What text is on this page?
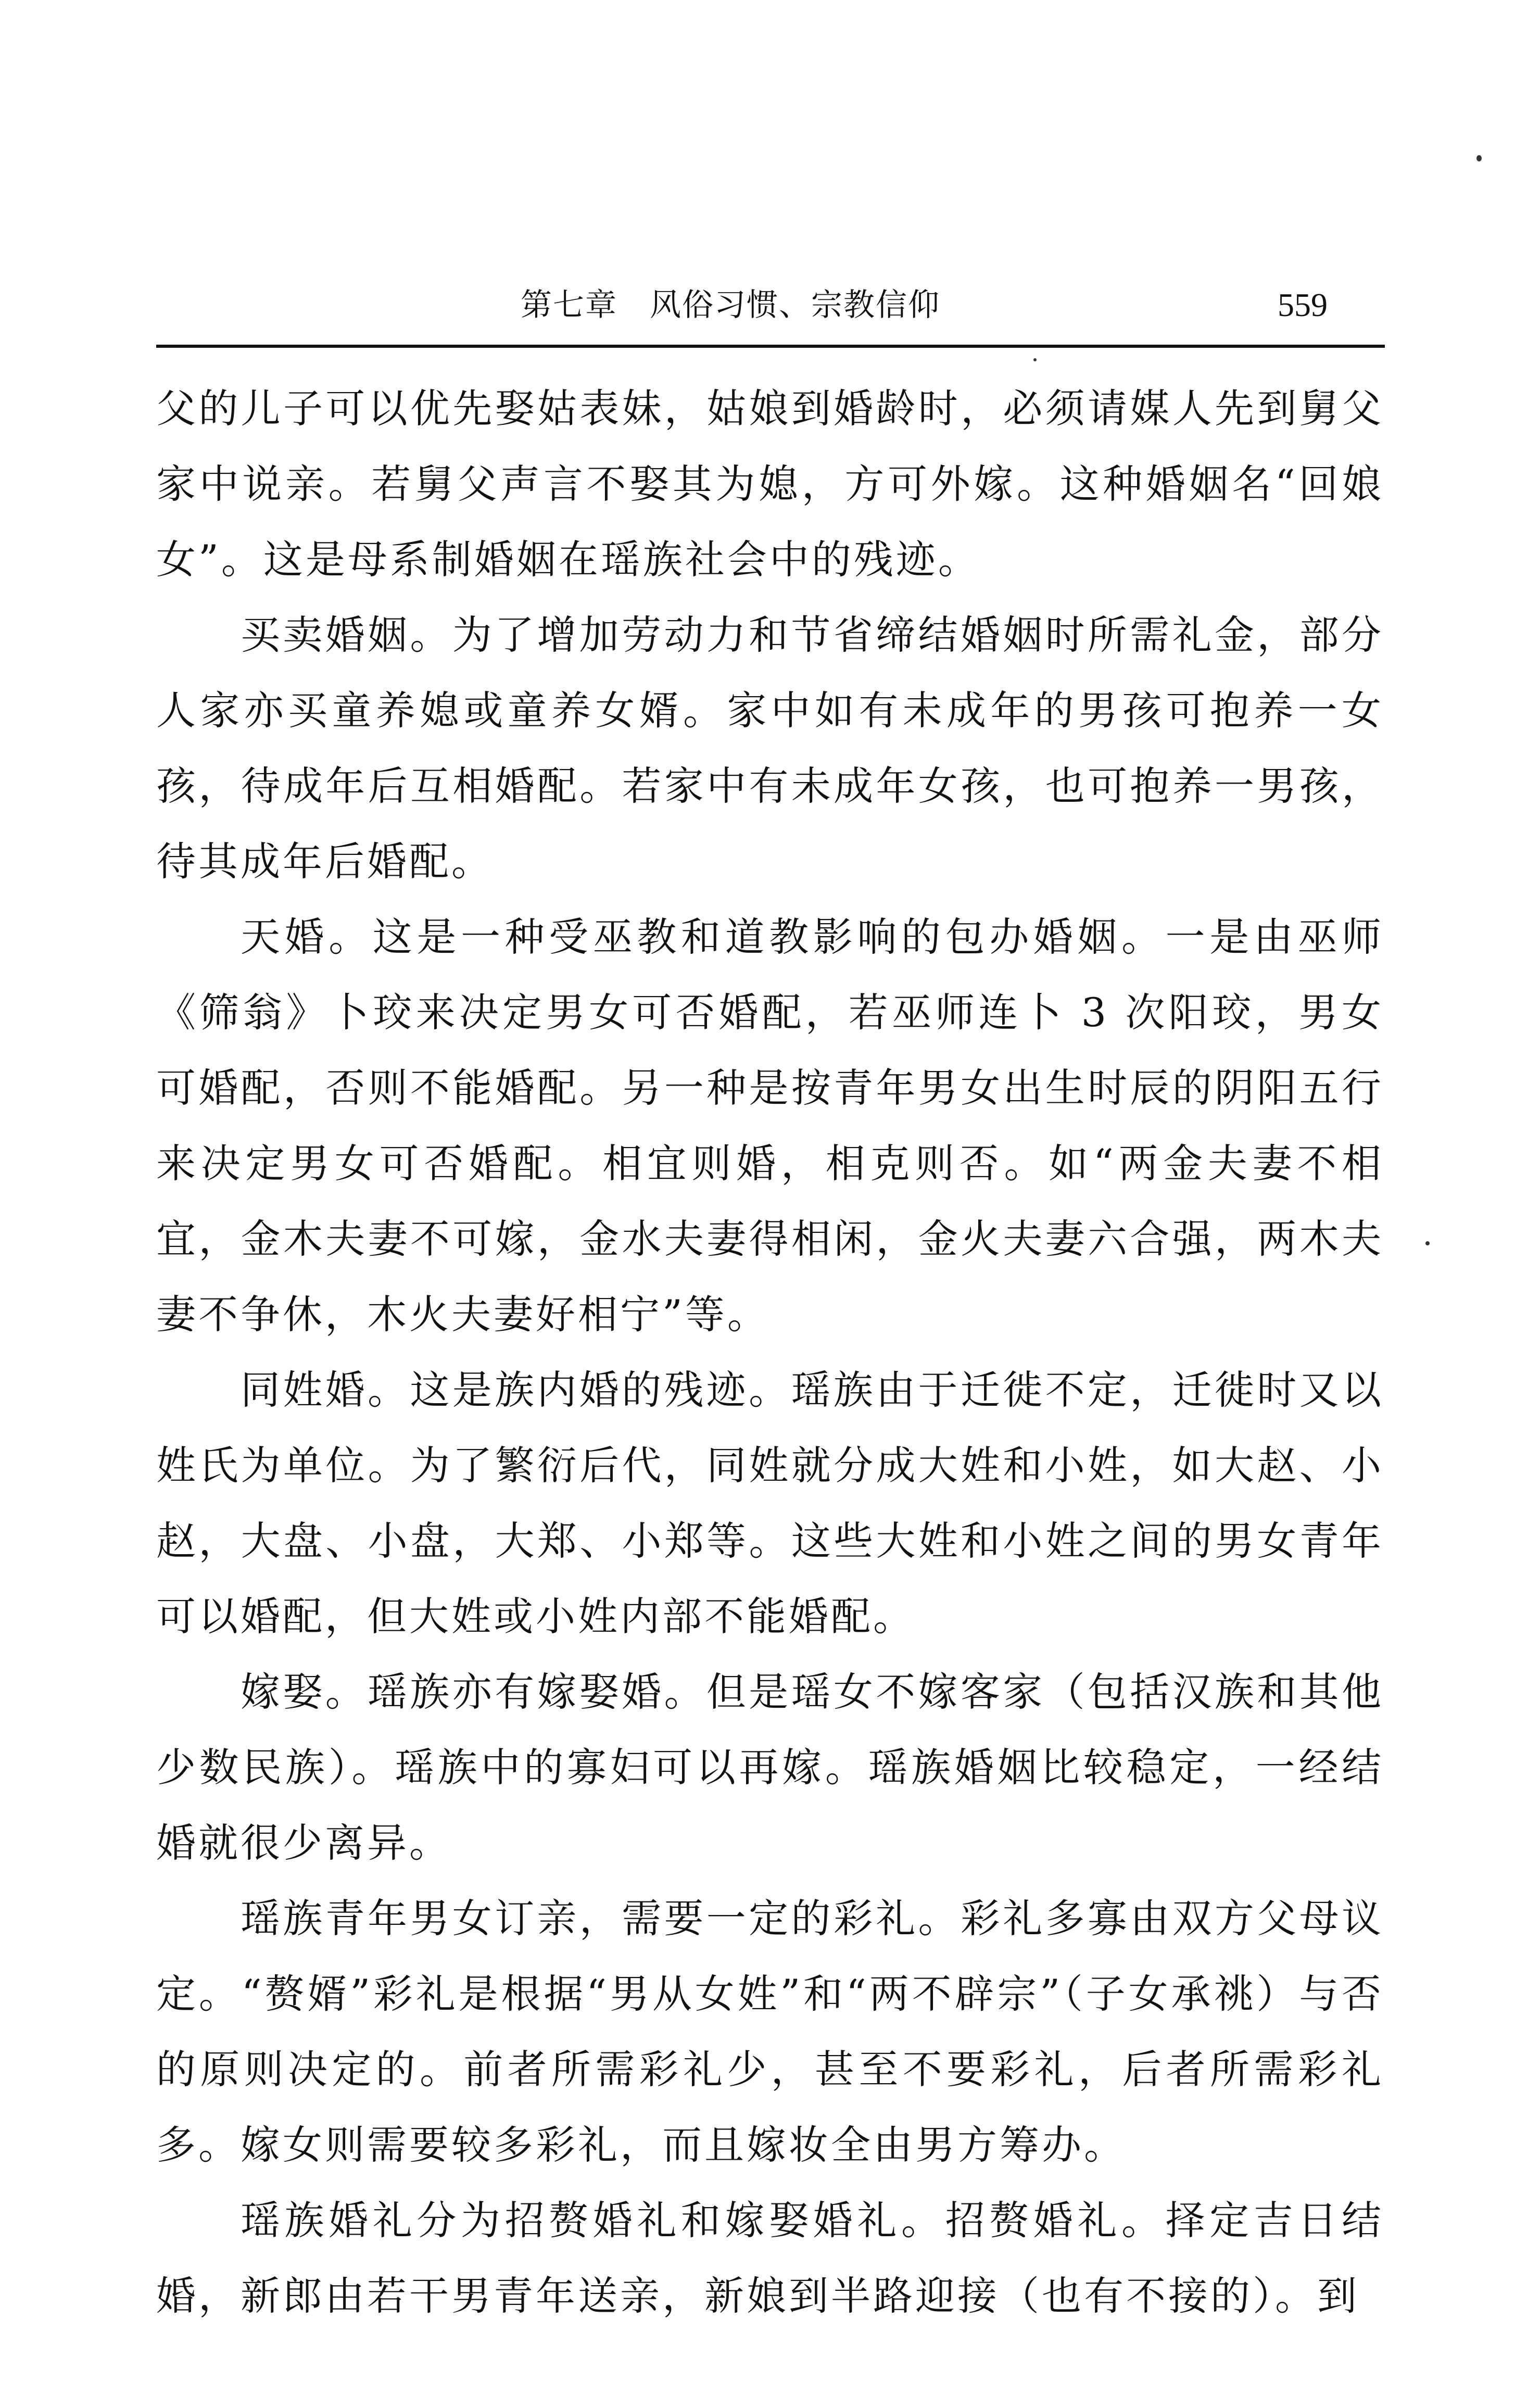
第七章　风俗习惯、宗教信仰	559

父的儿子可以优先娶姑表妹，姑娘到婚龄时，必须请媒人先到舅父家中说亲。若舅父声言不娶其为媳，方可外嫁。这种婚姻名“回娘女”。这是母系制婚姻在瑶族社会中的残迹。

买卖婚姻。为了增加劳动力和节省缔结婚姻时所需礼金，部分人家亦买童养媳或童养女婿。家中如有未成年的男孩可抱养一女孩，待成年后互相婚配。若家中有未成年女孩，也可抱养一男孩，待其成年后婚配。

天婚。这是一种受巫教和道教影响的包办婚姻。一是由巫师《筛翁》卜珓来决定男女可否婚配，若巫师连卜 3 次阳珓，男女可婚配，否则不能婚配。另一种是按青年男女出生时辰的阴阳五行来决定男女可否婚配。相宜则婚，相克则否。如“两金夫妻不相宜，金木夫妻不可嫁，金水夫妻得相闲，金火夫妻六合强，两木夫妻不争休，木火夫妻好相宁”等。

同姓婚。这是族内婚的残迹。瑶族由于迁徙不定，迁徙时又以姓氏为单位。为了繁衍后代，同姓就分成大姓和小姓，如大赵、小赵，大盘、小盘，大郑、小郑等。这些大姓和小姓之间的男女青年可以婚配，但大姓或小姓内部不能婚配。

嫁娶。瑶族亦有嫁娶婚。但是瑶女不嫁客家（包括汉族和其他少数民族）。瑶族中的寡妇可以再嫁。瑶族婚姻比较稳定，一经结婚就很少离异。

瑶族青年男女订亲，需要一定的彩礼。彩礼多寡由双方父母议定。“赘婿”彩礼是根据“男从女姓”和“两不辟宗”（子女承祧）与否的原则决定的。前者所需彩礼少，甚至不要彩礼，后者所需彩礼多。嫁女则需要较多彩礼，而且嫁妆全由男方筹办。

瑶族婚礼分为招赘婚礼和嫁娶婚礼。招赘婚礼。择定吉日结婚，新郎由若干男青年送亲，新娘到半路迎接（也有不接的）。到
